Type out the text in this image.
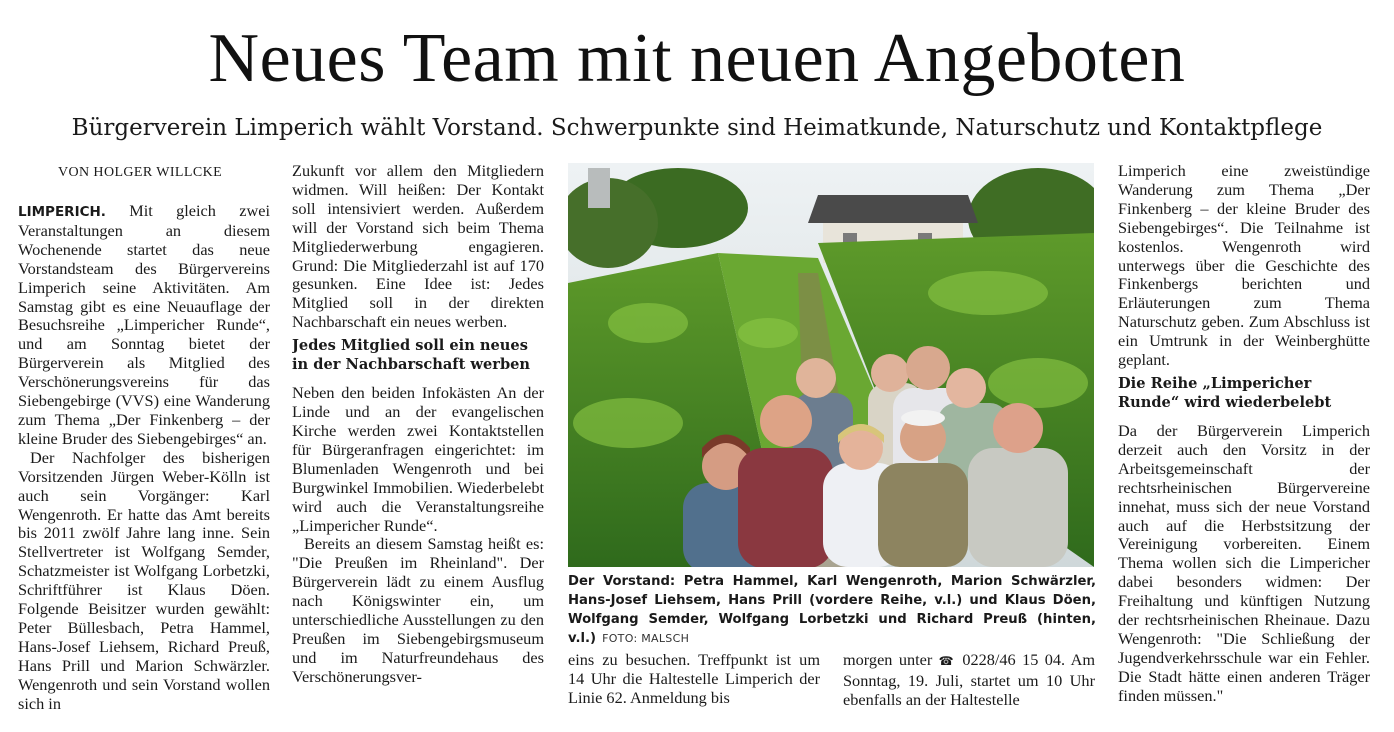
Neues Team mit neuen Angeboten
Bürgerverein Limperich wählt Vorstand. Schwerpunkte sind Heimatkunde, Naturschutz und Kontaktpflege

VON HOLGER WILLCKE

LIMPERICH. Mit gleich zwei Veranstaltungen an diesem Wochenende startet das neue Vorstandsteam des Bürgervereins Limperich seine Aktivitäten. Am Samstag gibt es eine Neuauflage der Besuchsreihe „Limpericher Runde“, und am Sonntag bietet der Bürgerverein als Mitglied des Verschönerungsvereins für das Siebengebirge (VVS) eine Wanderung zum Thema „Der Finkenberg – der kleine Bruder des Siebengebirges“ an.

Der Nachfolger des bisherigen Vorsitzenden Jürgen Weber-Kölln ist auch sein Vorgänger: Karl Wengenroth. Er hatte das Amt bereits bis 2011 zwölf Jahre lang inne. Sein Stellvertreter ist Wolfgang Semder, Schatzmeister ist Wolfgang Lorbetzki, Schriftführer ist Klaus Döen. Folgende Beisitzer wurden gewählt: Peter Büllesbach, Petra Hammel, Hans-Josef Liehsem, Richard Preuß, Hans Prill und Marion Schwärzler. Wengenroth und sein Vorstand wollen sich in

Zukunft vor allem den Mitgliedern widmen. Will heißen: Der Kontakt soll intensiviert werden. Außerdem will der Vorstand sich beim Thema Mitgliederwerbung engagieren. Grund: Die Mitgliederzahl ist auf 170 gesunken. Eine Idee ist: Jedes Mitglied soll in der direkten Nachbarschaft ein neues werben.

Jedes Mitglied soll ein neues in der Nachbarschaft werben

Neben den beiden Infokästen An der Linde und an der evangelischen Kirche werden zwei Kontaktstellen für Bürgeranfragen eingerichtet: im Blumenladen Wengenroth und bei Burgwinkel Immobilien. Wiederbelebt wird auch die Veranstaltungsreihe „Limpericher Runde“.

Bereits an diesem Samstag heißt es: "Die Preußen im Rheinland". Der Bürgerverein lädt zu einem Ausflug nach Königswinter ein, um unterschiedliche Ausstellungen zu den Preußen im Siebengebirgsmuseum und im Naturfreundehaus des Verschönerungsver-

Der Vorstand: Petra Hammel, Karl Wengenroth, Marion Schwärzler, Hans-Josef Liehsem, Hans Prill (vordere Reihe, v.l.) und Klaus Döen, Wolfgang Semder, Wolfgang Lorbetzki und Richard Preuß (hinten, v.l.) FOTO: MALSCH
eins zu besuchen. Treffpunkt ist um 14 Uhr die Haltestelle Limperich der Linie 62. Anmeldung bis
morgen unter ☎ 0228/46 15 04. Am Sonntag, 19. Juli, startet um 10 Uhr ebenfalls an der Haltestelle

Limperich eine zweistündige Wanderung zum Thema „Der Finkenberg – der kleine Bruder des Siebengebirges“. Die Teilnahme ist kostenlos. Wengenroth wird unterwegs über die Geschichte des Finkenbergs berichten und Erläuterungen zum Thema Naturschutz geben. Zum Abschluss ist ein Umtrunk in der Weinberghütte geplant.

Die Reihe „Limpericher Runde“ wird wiederbelebt

Da der Bürgerverein Limperich derzeit auch den Vorsitz in der Arbeitsgemeinschaft der rechtsrheinischen Bürgervereine innehat, muss sich der neue Vorstand auch auf die Herbstsitzung der Vereinigung vorbereiten. Einem Thema wollen sich die Limpericher dabei besonders widmen: Der Freihaltung und künftigen Nutzung der rechtsrheinischen Rheinaue. Dazu Wengenroth: "Die Schließung der Jugendverkehrsschule war ein Fehler. Die Stadt hätte einen anderen Träger finden müssen."
